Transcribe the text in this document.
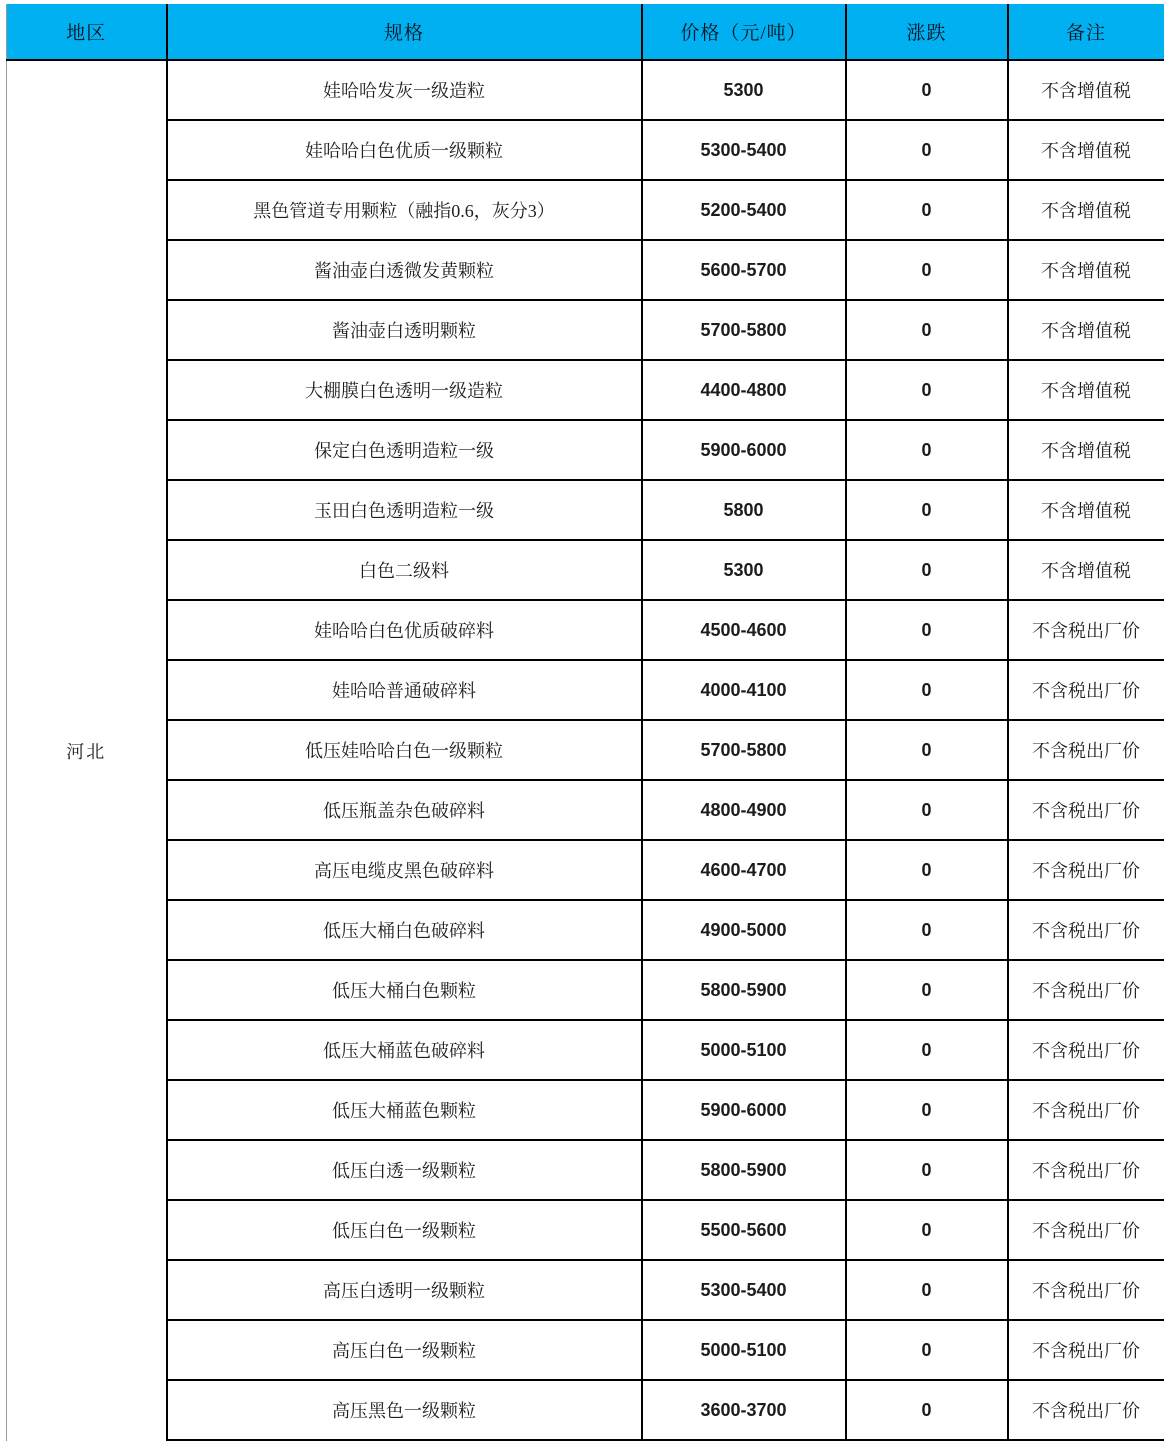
地区	规格	价格（元/吨）	涨跌	备注
河北	娃哈哈发灰一级造粒	5300	0	不含增值税
	娃哈哈白色优质一级颗粒	5300-5400	0	不含增值税
	黑色管道专用颗粒（融指0.6，灰分3）	5200-5400	0	不含增值税
	酱油壶白透微发黄颗粒	5600-5700	0	不含增值税
	酱油壶白透明颗粒	5700-5800	0	不含增值税
	大棚膜白色透明一级造粒	4400-4800	0	不含增值税
	保定白色透明造粒一级	5900-6000	0	不含增值税
	玉田白色透明造粒一级	5800	0	不含增值税
	白色二级料	5300	0	不含增值税
	娃哈哈白色优质破碎料	4500-4600	0	不含税出厂价
	娃哈哈普通破碎料	4000-4100	0	不含税出厂价
	低压娃哈哈白色一级颗粒	5700-5800	0	不含税出厂价
	低压瓶盖杂色破碎料	4800-4900	0	不含税出厂价
	高压电缆皮黑色破碎料	4600-4700	0	不含税出厂价
	低压大桶白色破碎料	4900-5000	0	不含税出厂价
	低压大桶白色颗粒	5800-5900	0	不含税出厂价
	低压大桶蓝色破碎料	5000-5100	0	不含税出厂价
	低压大桶蓝色颗粒	5900-6000	0	不含税出厂价
	低压白透一级颗粒	5800-5900	0	不含税出厂价
	低压白色一级颗粒	5500-5600	0	不含税出厂价
	高压白透明一级颗粒	5300-5400	0	不含税出厂价
	高压白色一级颗粒	5000-5100	0	不含税出厂价
	高压黑色一级颗粒	3600-3700	0	不含税出厂价
